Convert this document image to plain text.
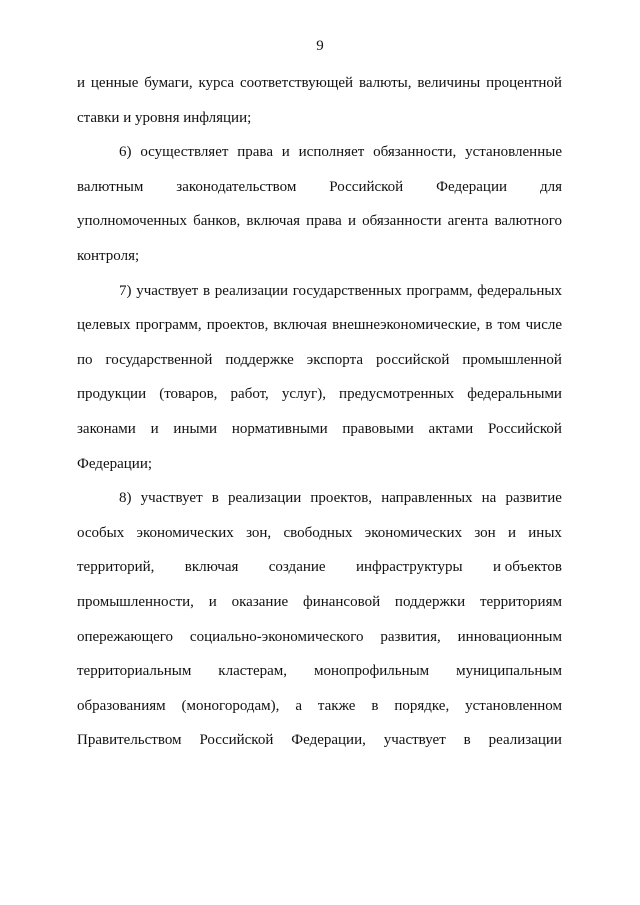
9
и ценные бумаги, курса соответствующей валюты, величины процентной
ставки и уровня инфляции;
6) осуществляет права и исполняет обязанности, установленные
валютным законодательством Российской Федерации для
уполномоченных банков, включая права и обязанности агента валютного
контроля;
7) участвует в реализации государственных программ, федеральных
целевых программ, проектов, включая внешнеэкономические, в том числе
по государственной поддержке экспорта российской промышленной
продукции (товаров, работ, услуг), предусмотренных федеральными
законами и иными нормативными правовыми актами Российской
Федерации;
8) участвует в реализации проектов, направленных на развитие
особых экономических зон, свободных экономических зон и иных
территорий, включая создание инфраструктуры и объектов
промышленности, и оказание финансовой поддержки территориям
опережающего социально-экономического развития, инновационным
территориальным кластерам, монопрофильным муниципальным
образованиям (моногородам), а также в порядке, установленном
Правительством Российской Федерации, участвует в реализации
